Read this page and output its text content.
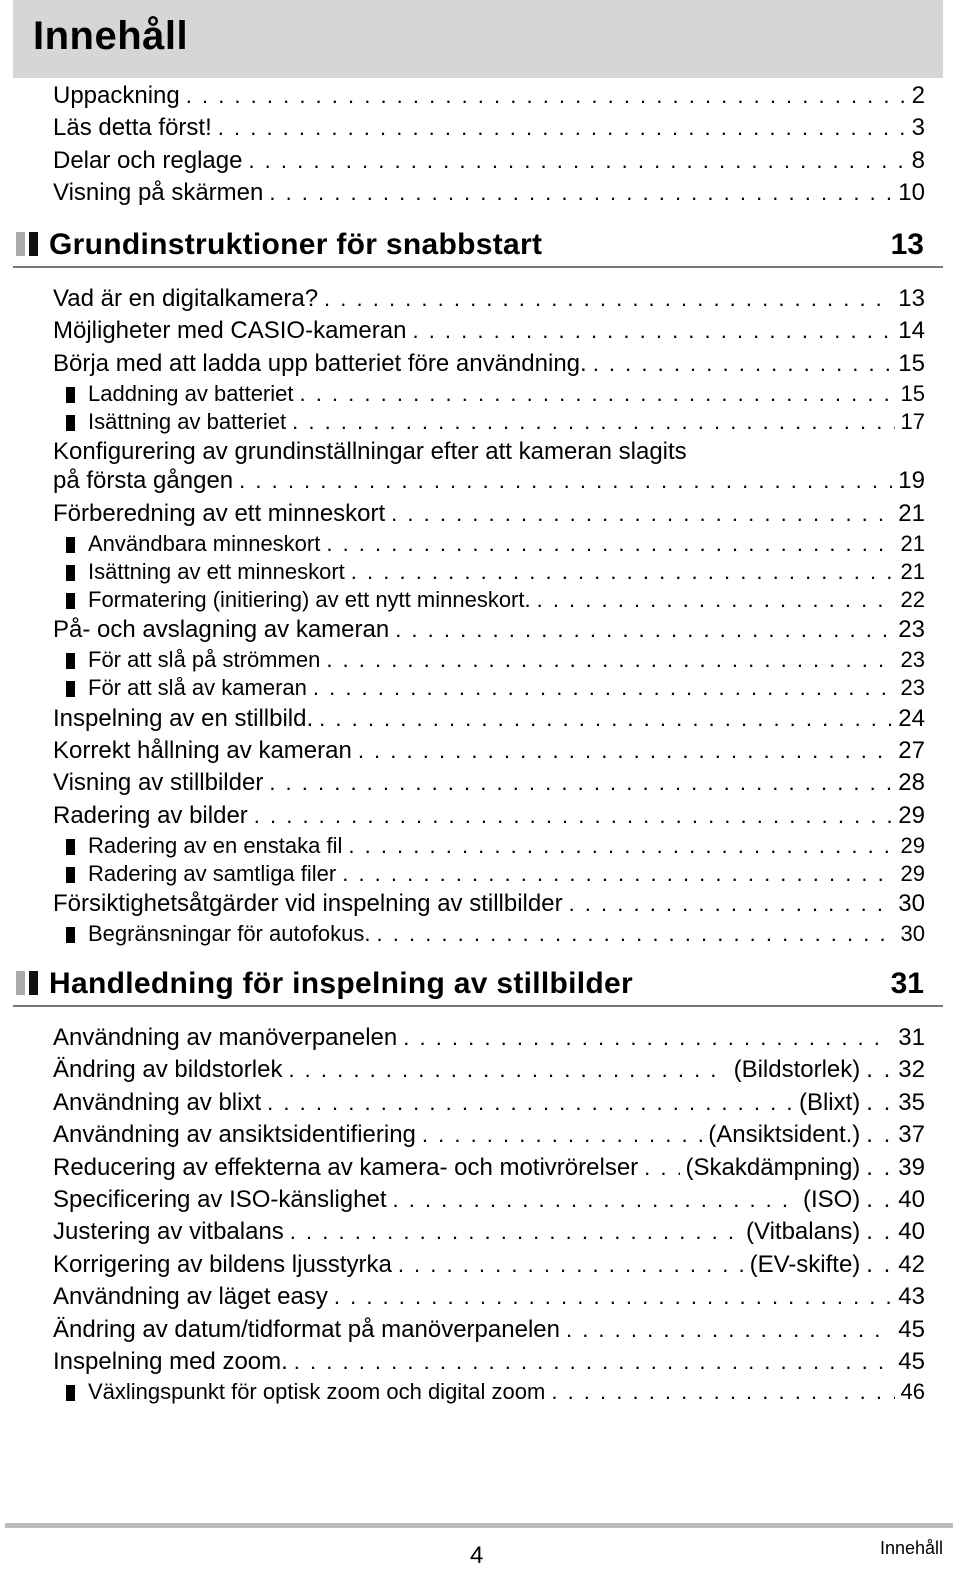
Innehåll
Uppackning . . .	2
Läs detta först! . . .	3
Delar och reglage . . .	8
Visning på skärmen . . .	10
Grundinstruktioner för snabbstart	13
Vad är en digitalkamera? . . .	13
Möjligheter med CASIO-kameran . . .	14
Börja med att ladda upp batteriet före användning. . . .	15
Laddning av batteriet . . .	15
Isättning av batteriet . . .	17
Konfigurering av grundinställningar efter att kameran slagits
på första gången . . .	19
Förberedning av ett minneskort . . .	21
Användbara minneskort . . .	21
Isättning av ett minneskort . . .	21
Formatering (initiering) av ett nytt minneskort. . . .	22
På- och avslagning av kameran . . .	23
För att slå på strömmen . . .	23
För att slå av kameran . . .	23
Inspelning av en stillbild. . . .	24
Korrekt hållning av kameran . . .	27
Visning av stillbilder . . .	28
Radering av bilder . . .	29
Radering av en enstaka fil . . .	29
Radering av samtliga filer . . .	29
Försiktighetsåtgärder vid inspelning av stillbilder . . .	30
Begränsningar för autofokus. . . .	30
Handledning för inspelning av stillbilder	31
Användning av manöverpanelen . . .	31
Ändring av bildstorlek . . .	(Bildstorlek) . . 32
Användning av blixt . . .	(Blixt) . . 35
Användning av ansiktsidentifiering . . .	(Ansiktsident.) . . 37
Reducering av effekterna av kamera- och motivrörelser . . . (Skakdämpning) . . 39
Specificering av ISO-känslighet . . .	(ISO) . . 40
Justering av vitbalans . . .	(Vitbalans) . . 40
Korrigering av bildens ljusstyrka . . .	(EV-skifte) . . 42
Användning av läget easy . . .	43
Ändring av datum/tidformat på manöverpanelen . . .	45
Inspelning med zoom. . . .	45
Växlingspunkt för optisk zoom och digital zoom . . .	46
4	Innehåll
